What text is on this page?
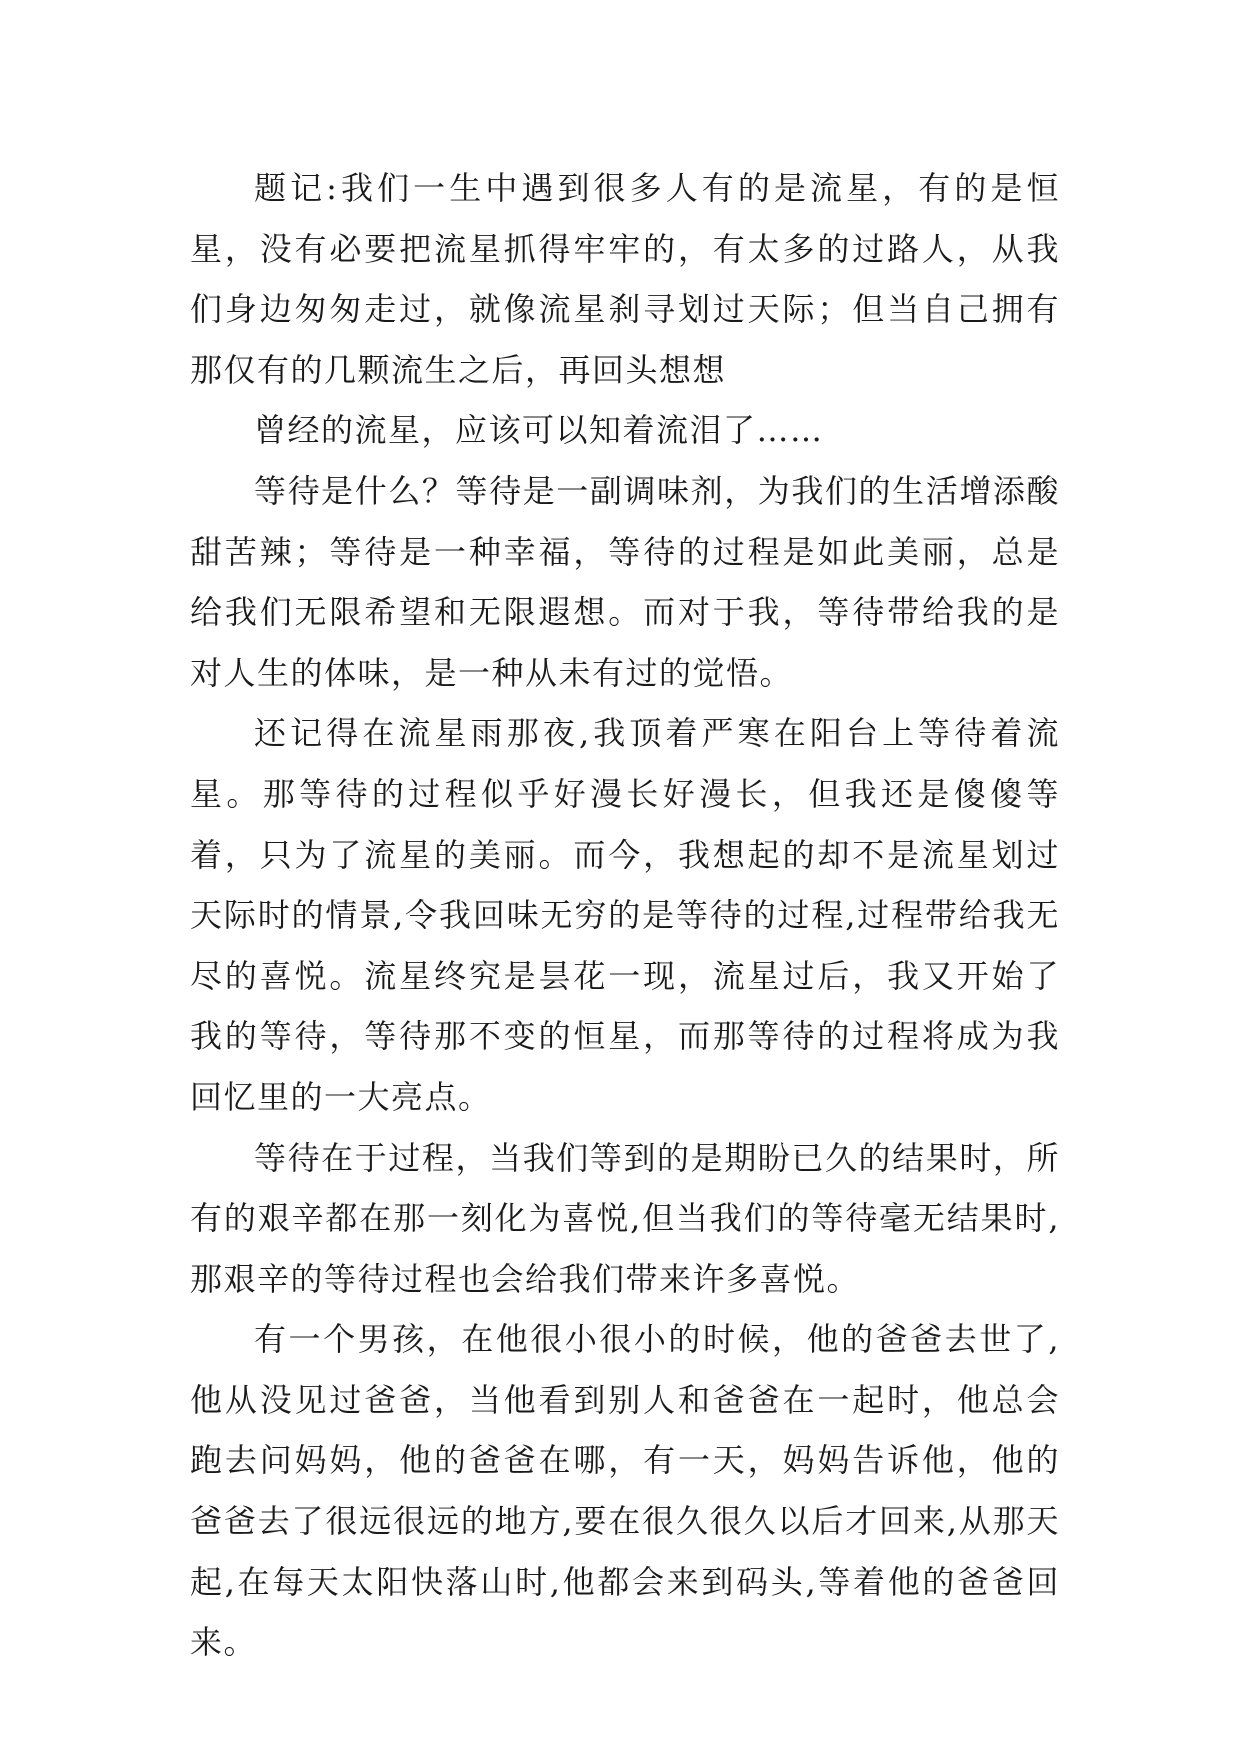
题记:我们一生中遇到很多人有的是流星，有的是恒星，没有必要把流星抓得牢牢的，有太多的过路人，从我们身边匆匆走过，就像流星刹寻划过天际；但当自己拥有那仅有的几颗流生之后，再回头想想

曾经的流星，应该可以知着流泪了……

等待是什么？等待是一副调味剂，为我们的生活增添酸甜苦辣；等待是一种幸福，等待的过程是如此美丽，总是给我们无限希望和无限遐想。而对于我，等待带给我的是对人生的体味，是一种从未有过的觉悟。

还记得在流星雨那夜,我顶着严寒在阳台上等待着流星。那等待的过程似乎好漫长好漫长，但我还是傻傻等着，只为了流星的美丽。而今，我想起的却不是流星划过天际时的情景,令我回味无穷的是等待的过程,过程带给我无尽的喜悦。流星终究是昙花一现，流星过后，我又开始了我的等待，等待那不变的恒星，而那等待的过程将成为我回忆里的一大亮点。

等待在于过程，当我们等到的是期盼已久的结果时，所有的艰辛都在那一刻化为喜悦,但当我们的等待毫无结果时,那艰辛的等待过程也会给我们带来许多喜悦。

有一个男孩，在他很小很小的时候，他的爸爸去世了,他从没见过爸爸，当他看到别人和爸爸在一起时，他总会跑去问妈妈，他的爸爸在哪，有一天，妈妈告诉他，他的爸爸去了很远很远的地方,要在很久很久以后才回来,从那天起,在每天太阳快落山时,他都会来到码头,等着他的爸爸回来。
